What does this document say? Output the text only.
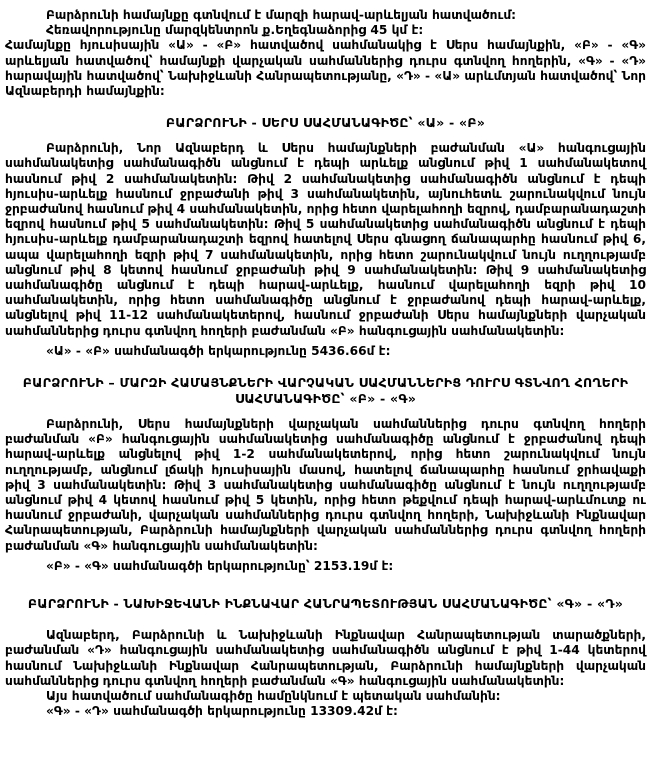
Բարձրունի համայնքը գտնվում է մարզի հարավ-արևելյան հատվածում:

Հեռավորությունը մարզկենտրոն ք.Եղեգնաձորից 45 կմ է:

Համայնքը հյուսիսային «Ա» - «Բ» հատվածով սահմանակից է Սերս համայնքին, «Բ» - «Գ» արևելյան հատվածով՝ համայնքի վարչական սահմաններից դուրս գտնվող հողերին, «Գ» - «Դ» հարավային հատվածով՝ Նախիջևանի Հանրապետությանը, «Դ» - «Ա» արևմտյան հատվածով՝ Նոր Ազնաբերդի համայնքին:

ԲԱՐՁՐՈՒՆԻ - ՍԵՐՍ ՍԱՀՄԱՆԱԳԻԾԸ՝ «Ա» - «Բ»

Բարձրունի, Նոր Ազնաբերդ և Սերս համայնքների բաժանման «Ա» հանգուցային սահմանակետից սահմանագիծն անցնում է դեպի արևելք անցնում թիվ 1 սահմանակետով հասնում թիվ 2 սահմանակետին: Թիվ 2 սահմանակետից սահմանագիծն անցնում է դեպի հյուսիս-արևելք հասնում ջրբաժանի թիվ 3 սահմանակետին, այնուհետև շարունակվում նույն ջրբաժանով հասնում թիվ 4 սահմանակետին, որից հետո վարելահողի եզրով, դամբարանադաշտի եզրով հասնում թիվ 5 սահմանակետին: Թիվ 5 սահմանակետից սահմանագիծն անցնում է դեպի հյուսիս-արևելք դամբարանադաշտի եզրով հատելով Սերս գնացող ճանապարհը հասնում թիվ 6, ապա վարելահողի եզրի թիվ 7 սահմանակետին, որից հետո շարունակվում նույն ուղղությամբ անցնում թիվ 8 կետով հասնում ջրբաժանի թիվ 9 սահմանակետին: Թիվ 9 սահմանակետից սահմանագիծը անցնում է դեպի հարավ-արևելք, հասնում վարելահողի եզրի թիվ 10 սահմանակետին, որից հետո սահմանագիծը անցնում է ջրբաժանով դեպի հարավ-արևելք, անցնելով թիվ 11-12 սահմանակետերով, հասնում ջրբաժանի Սերս համայնքների վարչական սահմաններից դուրս գտնվող հողերի բաժանման «Բ» հանգուցային սահմանակետին:

«Ա» - «Բ» սահմանագծի երկարությունը 5436.66մ է:

ԲԱՐՁՐՈՒՆԻ – ՄԱՐԶԻ ՀԱՄԱՅՆՔՆԵՐԻ ՎԱՐՉԱԿԱՆ ՍԱՀՄԱՆՆԵՐԻՑ ԴՈՒՐՍ ԳՏՆՎՈՂ ՀՈՂԵՐԻ
ՍԱՀՄԱՆԱԳԻԾԸ՝ «Բ» - «Գ»

Բարձրունի, Սերս համայնքների վարչական սահմաններից դուրս գտնվող հողերի բաժանման «Բ» հանգուցային սահմանակետից սահմանագիծը անցնում է ջրբաժանով դեպի հարավ-արևելք անցնելով թիվ 1-2 սահմանակետերով, որից հետո շարունակվում նույն ուղղությամբ, անցնում լճակի հյուսիսային մասով, հատելով ճանապարհը հասնում ջրհավաքի թիվ 3 սահմանակետին: Թիվ 3 սահմանակետից սահմանագիծը անցնում է նույն ուղղությամբ անցնում թիվ 4 կետով հասնում թիվ 5 կետին, որից հետո թեքվում դեպի հարավ-արևմուտք ու հասնում ջրբաժանի, վարչական սահմաններից դուրս գտնվող հողերի, Նախիջևանի Ինքնավար Հանրապետության, Բարձրունի համայնքների վարչական սահմաններից դուրս գտնվող հողերի բաժանման «Գ» հանգուցային սահմանակետին:

«Բ» - «Գ» սահմանագծի երկարությունը՝ 2153.19մ է:

ԲԱՐՁՐՈՒՆԻ - ՆԱԽԻՋԵՎԱՆԻ ԻՆՔՆԱՎԱՐ ՀԱՆՐԱՊԵՏՈՒԹՅԱՆ ՍԱՀՄԱՆԱԳԻԾԸ՝ «Գ» - «Դ»

Ազնաբերդ, Բարձրունի և Նախիջևանի Ինքնավար Հանրապետության տարածքների, բաժանման «Դ» հանգուցային սահմանակետից սահմանագիծն անցնում է թիվ 1-44 կետերով հասնում Նախիջևանի Ինքնավար Հանրապետության, Բարձրունի համայնքների վարչական սահմաններից դուրս գտնվող հողերի բաժանման «Գ» հանգուցային սահմանակետին:

Այս հատվածում սահմանագիծը համընկնում է պետական սահմանին:

«Գ» - «Դ» սահմանագծի երկարությունը 13309.42մ է:
